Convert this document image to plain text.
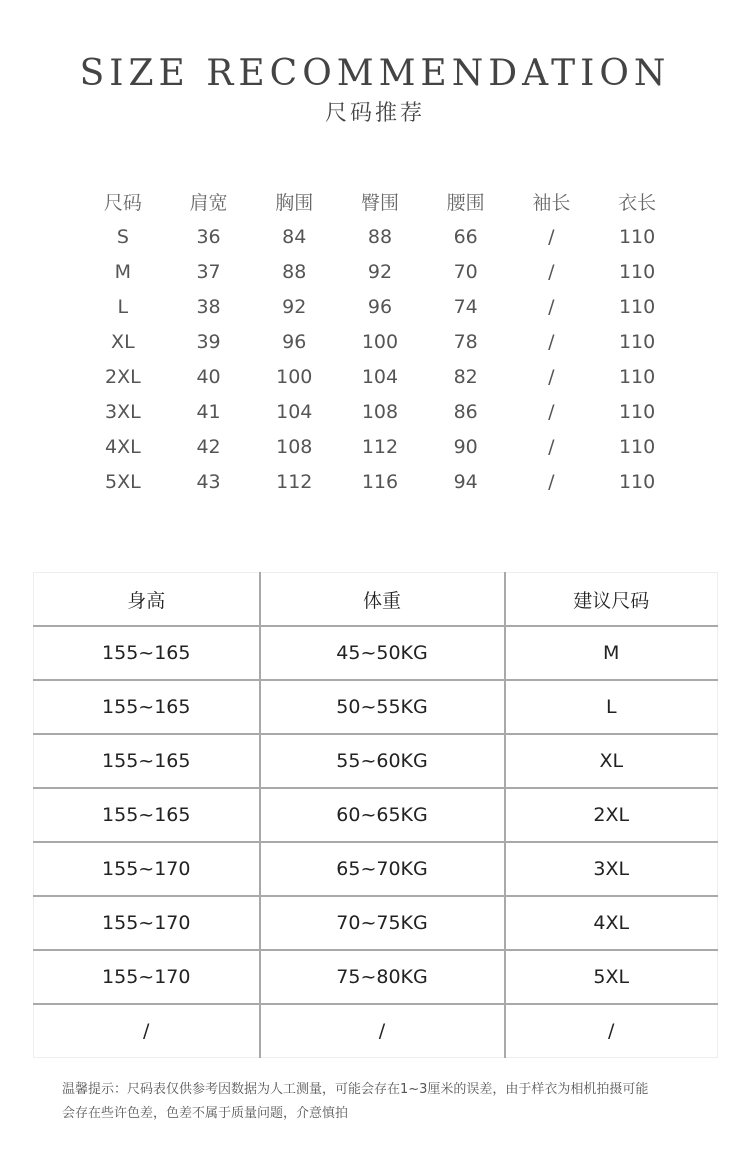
SIZE RECOMMENDATION
尺码推荐
尺码	肩宽	胸围	臀围	腰围	袖长	衣长
S	36	84	88	66	/	110
M	37	88	92	70	/	110
L	38	92	96	74	/	110
XL	39	96	100	78	/	110
2XL	40	100	104	82	/	110
3XL	41	104	108	86	/	110
4XL	42	108	112	90	/	110
5XL	43	112	116	94	/	110
身高	体重	建议尺码
155~165	45~50KG	M
155~165	50~55KG	L
155~165	55~60KG	XL
155~165	60~65KG	2XL
155~170	65~70KG	3XL
155~170	70~75KG	4XL
155~170	75~80KG	5XL
/	/	/
温馨提示：尺码表仅供参考因数据为人工测量，可能会存在1~3厘米的误差，由于样衣为相机拍摄可能
会存在些许色差，色差不属于质量问题，介意慎拍
